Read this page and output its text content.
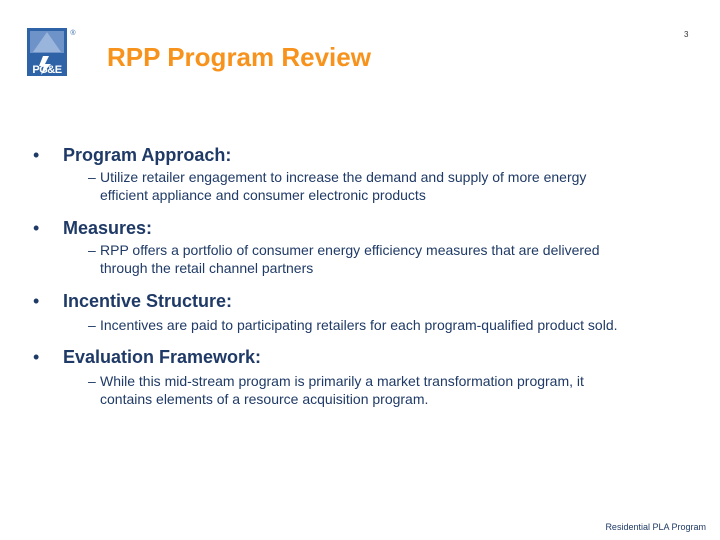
PG&E
®	3
RPP Program Review
• Program Approach:
– Utilize retailer engagement to increase the demand and supply of more energy
efficient appliance and consumer electronic products
• Measures:
– RPP offers a portfolio of consumer energy efficiency measures that are delivered
through the retail channel partners
• Incentive Structure:
– Incentives are paid to participating retailers for each program-qualified product sold.
• Evaluation Framework:
– While this mid-stream program is primarily a market transformation program, it
contains elements of a resource acquisition program.
Residential PLA Program
